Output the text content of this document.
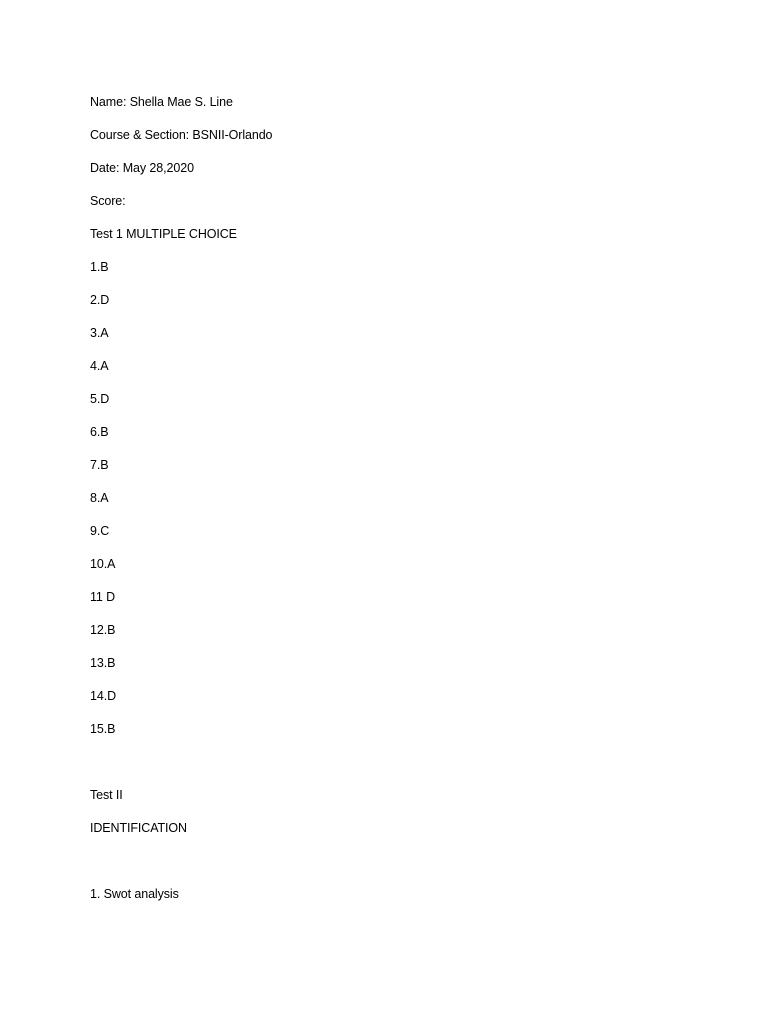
Name: Shella Mae S. Line
Course & Section: BSNII-Orlando
Date: May 28,2020
Score:
Test 1 MULTIPLE CHOICE
1.B
2.D
3.A
4.A
5.D
6.B
7.B
8.A
9.C
10.A
11 D
12.B
13.B
14.D
15.B
Test II
IDENTIFICATION
1. Swot analysis
